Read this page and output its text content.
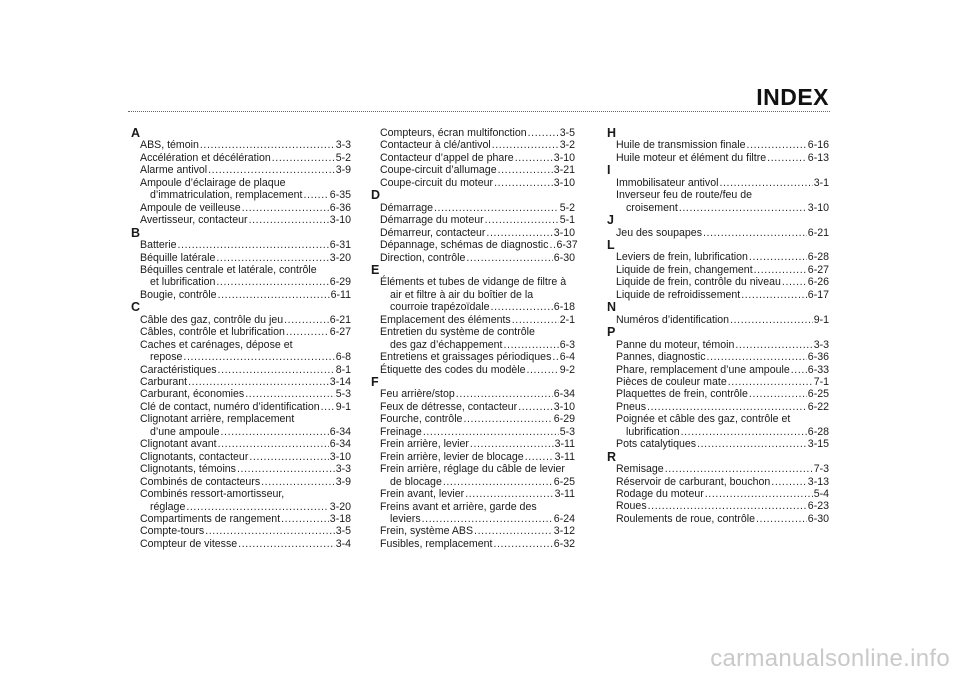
INDEX
A
ABS, témoin .....	3-3
Accélération et décélération .....	5-2
Alarme antivol .....	3-9
Ampoule d’éclairage de plaque
d’immatriculation, remplacement .....	6-35
Ampoule de veilleuse .....	6-36
Avertisseur, contacteur .....	3-10
B
Batterie .....	6-31
Béquille latérale .....	3-20
Béquilles centrale et latérale, contrôle
et lubrification .....	6-29
Bougie, contrôle .....	6-11
C
Câble des gaz, contrôle du jeu .....	6-21
Câbles, contrôle et lubrification .....	6-27
Caches et carénages, dépose et
repose .....	6-8
Caractéristiques .....	8-1
Carburant .....	3-14
Carburant, économies .....	5-3
Clé de contact, numéro d’identification ..... 9-1
Clignotant arrière, remplacement
d’une ampoule .....	6-34
Clignotant avant .....	6-34
Clignotants, contacteur .....	3-10
Clignotants, témoins .....	3-3
Combinés de contacteurs .....	3-9
Combinés ressort-amortisseur,
réglage .....	3-20
Compartiments de rangement .....	3-18
Compte-tours .....	3-5
Compteur de vitesse .....	3-4
Compteurs, écran multifonction .....	3-5
Contacteur à clé/antivol .....	3-2
Contacteur d’appel de phare .....	3-10
Coupe-circuit d’allumage .....	3-21
Coupe-circuit du moteur .....	3-10
D
Démarrage .....	5-2
Démarrage du moteur .....	5-1
Démarreur, contacteur .....	3-10
Dépannage, schémas de diagnostic ..... 6-37
Direction, contrôle .....	6-30
E
Éléments et tubes de vidange de filtre à
air et filtre à air du boîtier de la
courroie trapézoïdale .....	6-18
Emplacement des éléments .....	2-1
Entretien du système de contrôle
des gaz d’échappement .....	6-3
Entretiens et graissages périodiques ..... 6-4
Étiquette des codes du modèle .....	9-2
F
Feu arrière/stop .....	6-34
Feux de détresse, contacteur .....	3-10
Fourche, contrôle .....	6-29
Freinage .....	5-3
Frein arrière, levier .....	3-11
Frein arrière, levier de blocage .....	3-11
Frein arrière, réglage du câble de levier
de blocage .....	6-25
Frein avant, levier .....	3-11
Freins avant et arrière, garde des
leviers .....	6-24
Frein, système ABS .....	3-12
Fusibles, remplacement .....	6-32
H
Huile de transmission finale .....	6-16
Huile moteur et élément du filtre .....	6-13
I
Immobilisateur antivol .....	3-1
Inverseur feu de route/feu de
croisement .....	3-10
J
Jeu des soupapes .....	6-21
L
Leviers de frein, lubrification .....	6-28
Liquide de frein, changement .....	6-27
Liquide de frein, contrôle du niveau .....	6-26
Liquide de refroidissement .....	6-17
N
Numéros d’identification .....	9-1
P
Panne du moteur, témoin .....	3-3
Pannes, diagnostic .....	6-36
Phare, remplacement d’une ampoule ..... 6-33
Pièces de couleur mate .....	7-1
Plaquettes de frein, contrôle .....	6-25
Pneus .....	6-22
Poignée et câble des gaz, contrôle et
lubrification .....	6-28
Pots catalytiques .....	3-15
R
Remisage .....	7-3
Réservoir de carburant, bouchon .....	3-13
Rodage du moteur .....	5-4
Roues .....	6-23
Roulements de roue, contrôle .....	6-30
carmanualsonline.info
